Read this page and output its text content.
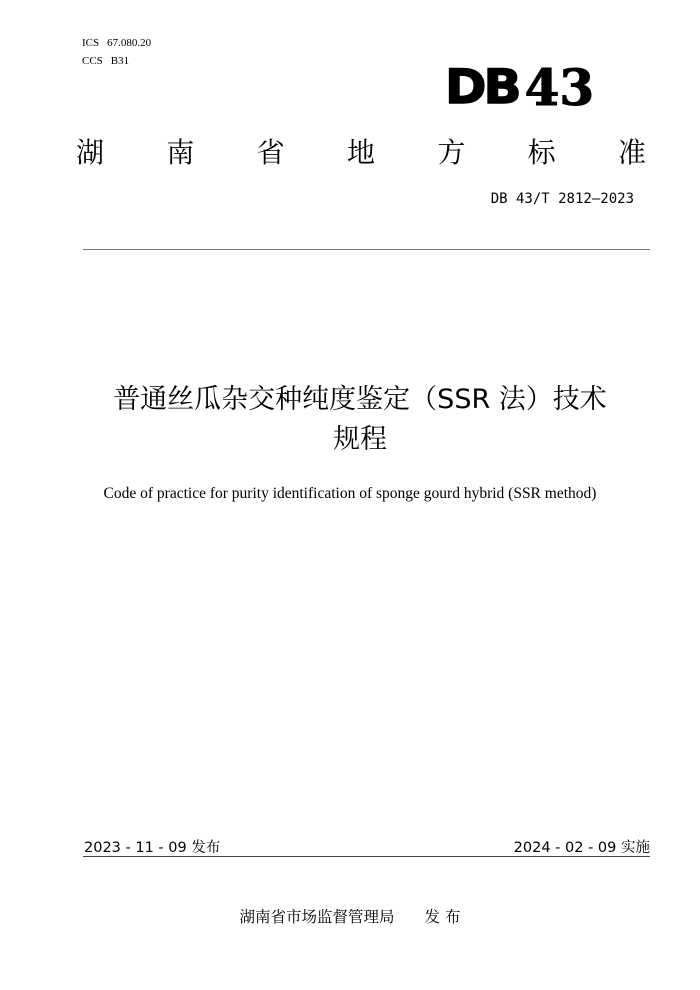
ICS 67.080.20
CCS B31	DB 43
湖 南 省 地 方 标 准
DB 43/T 2812—2023
普通丝瓜杂交种纯度鉴定（SSR 法）技术
规程
Code of practice for purity identification of sponge gourd hybrid (SSR method)
2023 - 11 - 09 发布	2024 - 02 - 09 实施
湖南省市场监督管理局 发 布
